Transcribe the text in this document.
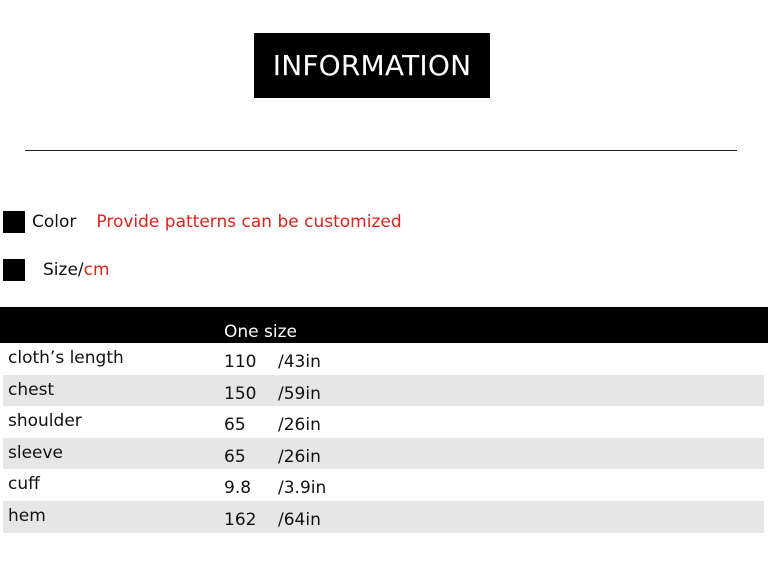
INFORMATION
Color Provide patterns can be customized
Size/cm
One size
cloth’s length	110 /43in
chest	150 /59in
shoulder	65 /26in
sleeve	65 /26in
cuff	9.8 /3.9in
hem	162 /64in
